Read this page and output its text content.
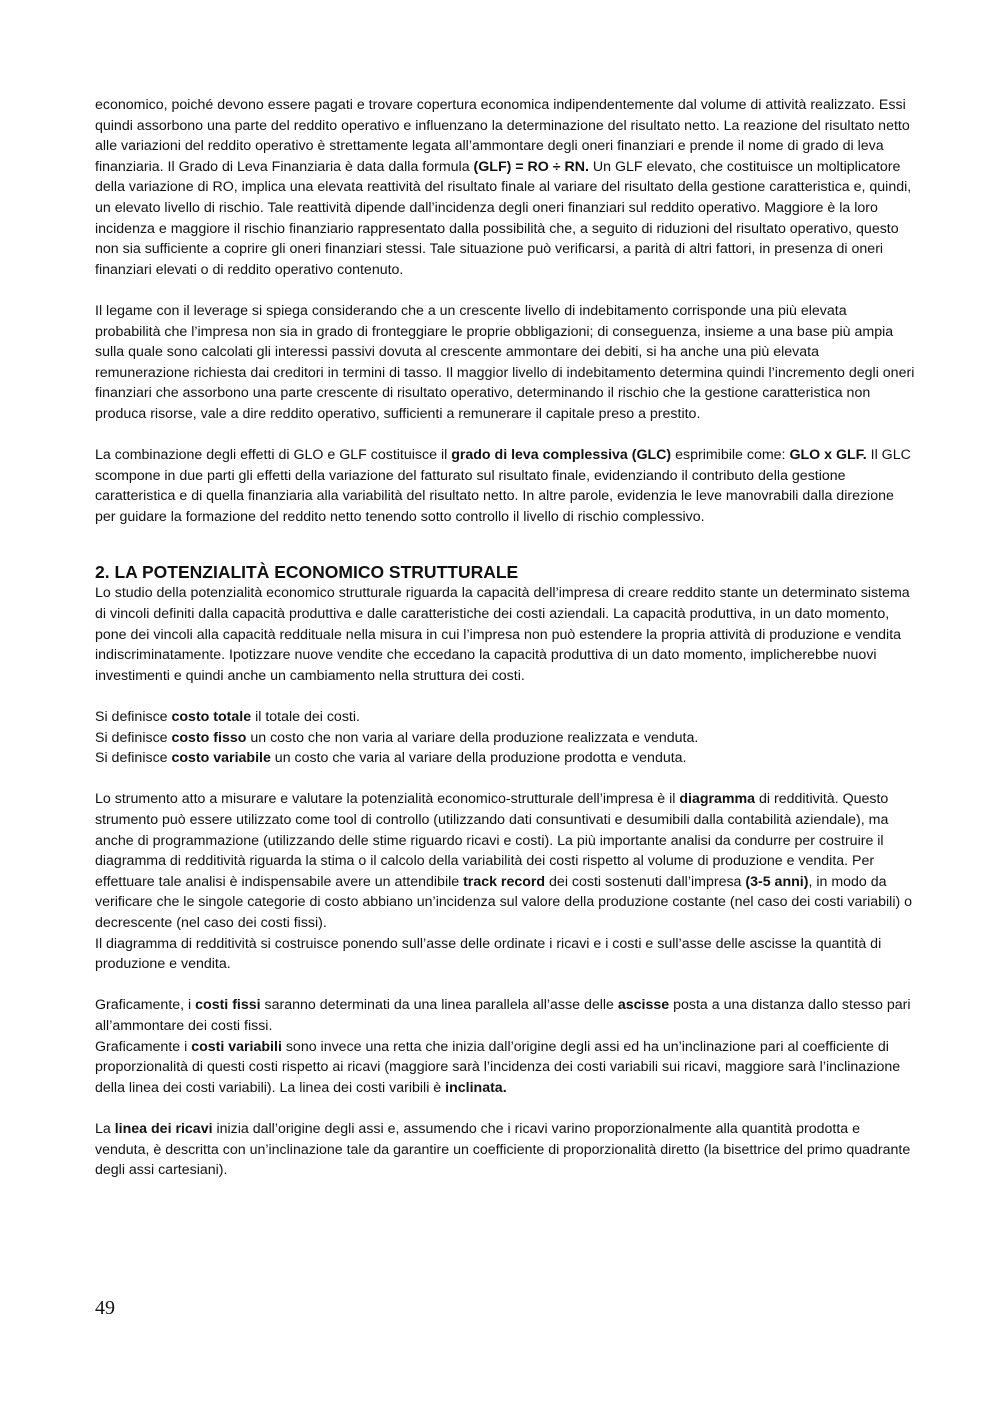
economico, poiché devono essere pagati e trovare copertura economica indipendentemente dal volume di attività realizzato. Essi quindi assorbono una parte del reddito operativo e influenzano la determinazione del risultato netto. La reazione del risultato netto alle variazioni del reddito operativo è strettamente legata all’ammontare degli oneri finanziari e prende il nome di grado di leva finanziaria. Il Grado di Leva Finanziaria è data dalla formula (GLF) = RO ÷ RN. Un GLF elevato, che costituisce un moltiplicatore della variazione di RO, implica una elevata reattività del risultato finale al variare del risultato della gestione caratteristica e, quindi, un elevato livello di rischio. Tale reattività dipende dall’incidenza degli oneri finanziari sul reddito operativo. Maggiore è la loro incidenza e maggiore il rischio finanziario rappresentato dalla possibilità che, a seguito di riduzioni del risultato operativo, questo non sia sufficiente a coprire gli oneri finanziari stessi. Tale situazione può verificarsi, a parità di altri fattori, in presenza di oneri finanziari elevati o di reddito operativo contenuto.

Il legame con il leverage si spiega considerando che a un crescente livello di indebitamento corrisponde una più elevata probabilità che l’impresa non sia in grado di fronteggiare le proprie obbligazioni; di conseguenza, insieme a una base più ampia sulla quale sono calcolati gli interessi passivi dovuta al crescente ammontare dei debiti, si ha anche una più elevata remunerazione richiesta dai creditori in termini di tasso. Il maggior livello di indebitamento determina quindi l’incremento degli oneri finanziari che assorbono una parte crescente di risultato operativo, determinando il rischio che la gestione caratteristica non produca risorse, vale a dire reddito operativo, sufficienti a remunerare il capitale preso a prestito.

La combinazione degli effetti di GLO e GLF costituisce il grado di leva complessiva (GLC) esprimibile come: GLO x GLF. Il GLC scompone in due parti gli effetti della variazione del fatturato sul risultato finale, evidenziando il contributo della gestione caratteristica e di quella finanziaria alla variabilità del risultato netto. In altre parole, evidenzia le leve manovrabili dalla direzione per guidare la formazione del reddito netto tenendo sotto controllo il livello di rischio complessivo.

2. LA POTENZIALITÀ ECONOMICO STRUTTURALE

Lo studio della potenzialità economico strutturale riguarda la capacità dell’impresa di creare reddito stante un determinato sistema di vincoli definiti dalla capacità produttiva e dalle caratteristiche dei costi aziendali. La capacità produttiva, in un dato momento, pone dei vincoli alla capacità reddituale nella misura in cui l’impresa non può estendere la propria attività di produzione e vendita indiscriminatamente. Ipotizzare nuove vendite che eccedano la capacità produttiva di un dato momento, implicherebbe nuovi investimenti e quindi anche un cambiamento nella struttura dei costi.

Si definisce costo totale il totale dei costi.

Si definisce costo fisso un costo che non varia al variare della produzione realizzata e venduta.

Si definisce costo variabile un costo che varia al variare della produzione prodotta e venduta.

Lo strumento atto a misurare e valutare la potenzialità economico-strutturale dell’impresa è il diagramma di redditività. Questo strumento può essere utilizzato come tool di controllo (utilizzando dati consuntivati e desumibili dalla contabilità aziendale), ma anche di programmazione (utilizzando delle stime riguardo ricavi e costi). La più importante analisi da condurre per costruire il diagramma di redditività riguarda la stima o il calcolo della variabilità dei costi rispetto al volume di produzione e vendita. Per effettuare tale analisi è indispensabile avere un attendibile track record dei costi sostenuti dall’impresa (3-5 anni), in modo da verificare che le singole categorie di costo abbiano un’incidenza sul valore della produzione costante (nel caso dei costi variabili) o decrescente (nel caso dei costi fissi).

Il diagramma di redditività si costruisce ponendo sull’asse delle ordinate i ricavi e i costi e sull’asse delle ascisse la quantità di produzione e vendita.

Graficamente, i costi fissi saranno determinati da una linea parallela all’asse delle ascisse posta a una distanza dallo stesso pari all’ammontare dei costi fissi.

Graficamente i costi variabili sono invece una retta che inizia dall’origine degli assi ed ha un’inclinazione pari al coefficiente di proporzionalità di questi costi rispetto ai ricavi (maggiore sarà l’incidenza dei costi variabili sui ricavi, maggiore sarà l’inclinazione della linea dei costi variabili). La linea dei costi varibili è inclinata.

La linea dei ricavi inizia dall’origine degli assi e, assumendo che i ricavi varino proporzionalmente alla quantità prodotta e venduta, è descritta con un’inclinazione tale da garantire un coefficiente di proporzionalità diretto (la bisettrice del primo quadrante degli assi cartesiani).

49
